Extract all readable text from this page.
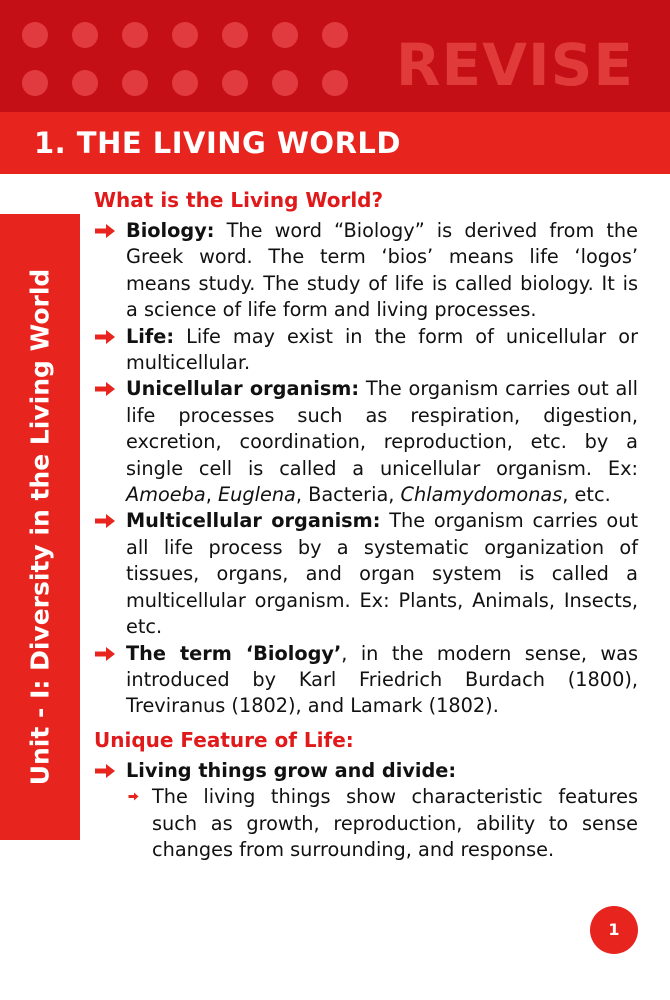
REVISE
1. THE LIVING WORLD
Unit - I: Diversity in the Living World
What is the Living World?
Biology: The word “Biology” is derived from the Greek word. The term ‘bios’ means life ‘logos’ means study. The study of life is called biology. It is a science of life form and living processes.
Life: Life may exist in the form of unicellular or multicellular.
Unicellular organism: The organism carries out all life processes such as respiration, digestion, excretion, coordination, reproduction, etc. by a single cell is called a unicellular organism. Ex: Amoeba, Euglena, Bacteria, Chlamydomonas, etc.
Multicellular organism: The organism carries out all life process by a systematic organization of tissues, organs, and organ system is called a multicellular organism. Ex: Plants, Animals, Insects, etc.
The term ‘Biology’, in the modern sense, was introduced by Karl Friedrich Burdach (1800), Treviranus (1802), and Lamark (1802).
Unique Feature of Life:
Living things grow and divide:
The living things show characteristic features such as growth, reproduction, ability to sense changes from surrounding, and response.
1
